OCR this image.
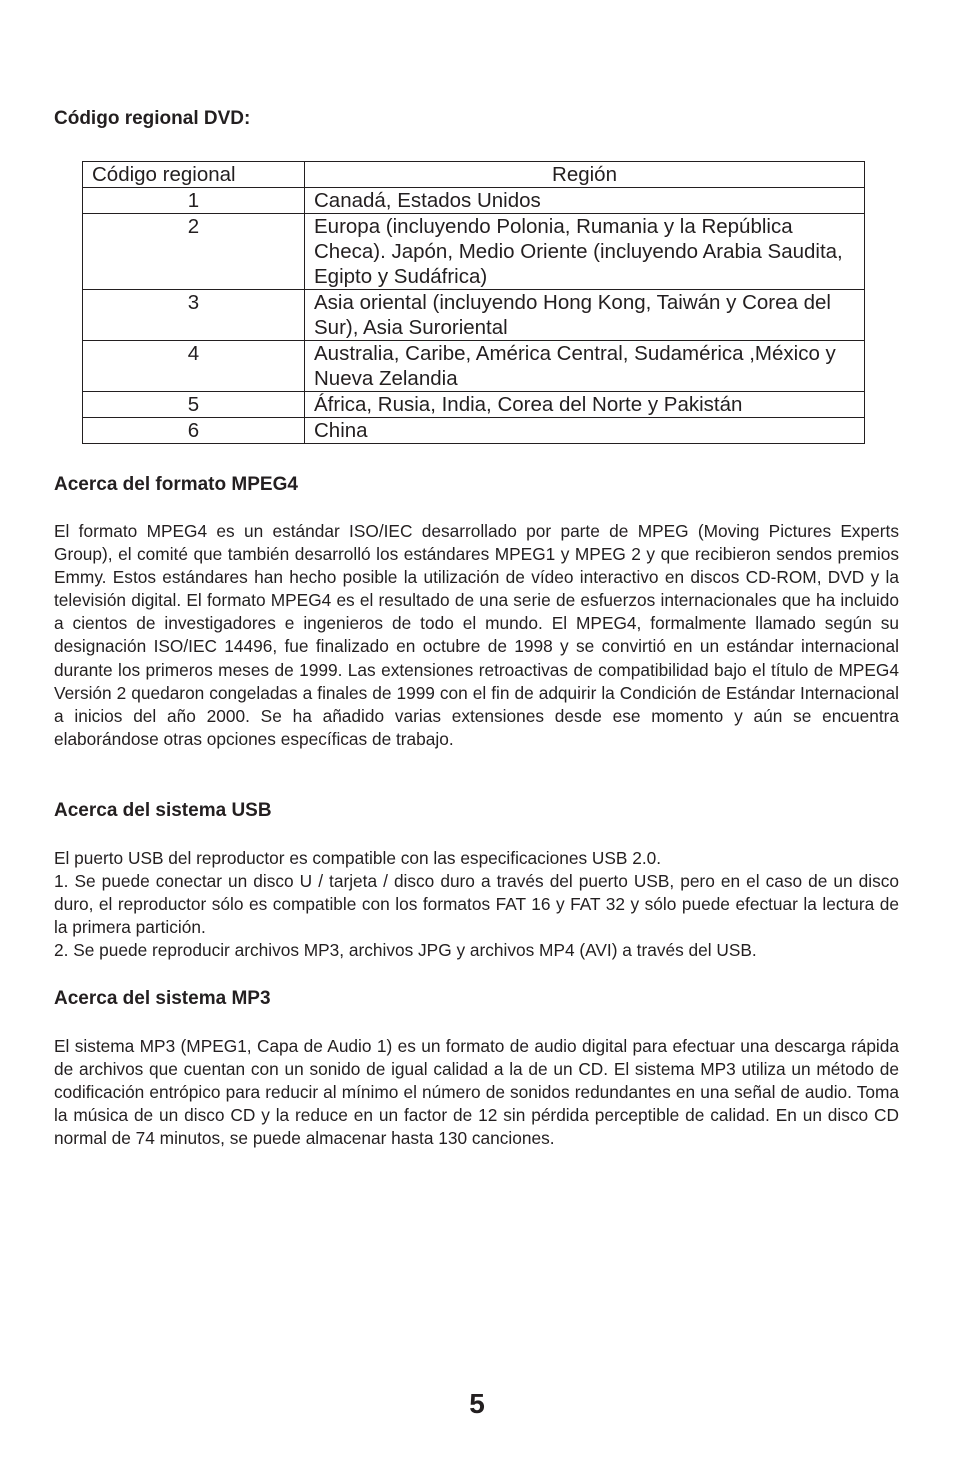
Código regional DVD:
Código regional	Región
1	Canadá, Estados Unidos
2	Europa (incluyendo Polonia, Rumania y la República Checa). Japón, Medio Oriente (incluyendo Arabia Saudita, Egipto y Sudáfrica)
3	Asia oriental (incluyendo Hong Kong, Taiwán y Corea del Sur), Asia Suroriental
4	Australia, Caribe, América Central, Sudamérica ,México y Nueva Zelandia
5	África, Rusia, India, Corea del Norte y Pakistán
6	China
Acerca del formato MPEG4

El formato MPEG4 es un estándar ISO/IEC desarrollado por parte de MPEG (Moving Pictures Experts Group), el comité que también desarrolló los estándares MPEG1 y MPEG 2 y que recibieron sendos premios Emmy. Estos estándares han hecho posible la utilización de vídeo interactivo en discos CD-ROM, DVD y la televisión digital. El formato MPEG4 es el resultado de una serie de esfuerzos internacionales que ha incluido a cientos de investigadores e ingenieros de todo el mundo. El MPEG4, formalmente llamado según su designación ISO/IEC 14496, fue finalizado en octubre de 1998 y se convirtió en un estándar internacional durante los primeros meses de 1999. Las extensiones retroactivas de compatibilidad bajo el título de MPEG4 Versión 2 quedaron congeladas a finales de 1999 con el fin de adquirir la Condición de Estándar Internacional a inicios del año 2000. Se ha añadido varias extensiones desde ese momento y aún se encuentra elaborándose otras opciones específicas de trabajo.

Acerca del sistema USB
El puerto USB del reproductor es compatible con las especificaciones USB 2.0.
1. Se puede conectar un disco U / tarjeta / disco duro a través del puerto USB, pero en el caso de un disco duro, el reproductor sólo es compatible con los formatos FAT 16 y FAT 32 y sólo puede efectuar la lectura de la primera partición.
2. Se puede reproducir archivos MP3, archivos JPG y archivos MP4 (AVI) a través del USB.
Acerca del sistema MP3

El sistema MP3 (MPEG1, Capa de Audio 1) es un formato de audio digital para efectuar una descarga rápida de archivos que cuentan con un sonido de igual calidad a la de un CD. El sistema MP3 utiliza un método de codificación entrópico para reducir al mínimo el número de sonidos redundantes en una señal de audio. Toma la música de un disco CD y la reduce en un factor de 12 sin pérdida perceptible de calidad. En un disco CD normal de 74 minutos, se puede almacenar hasta 130 canciones.

5
